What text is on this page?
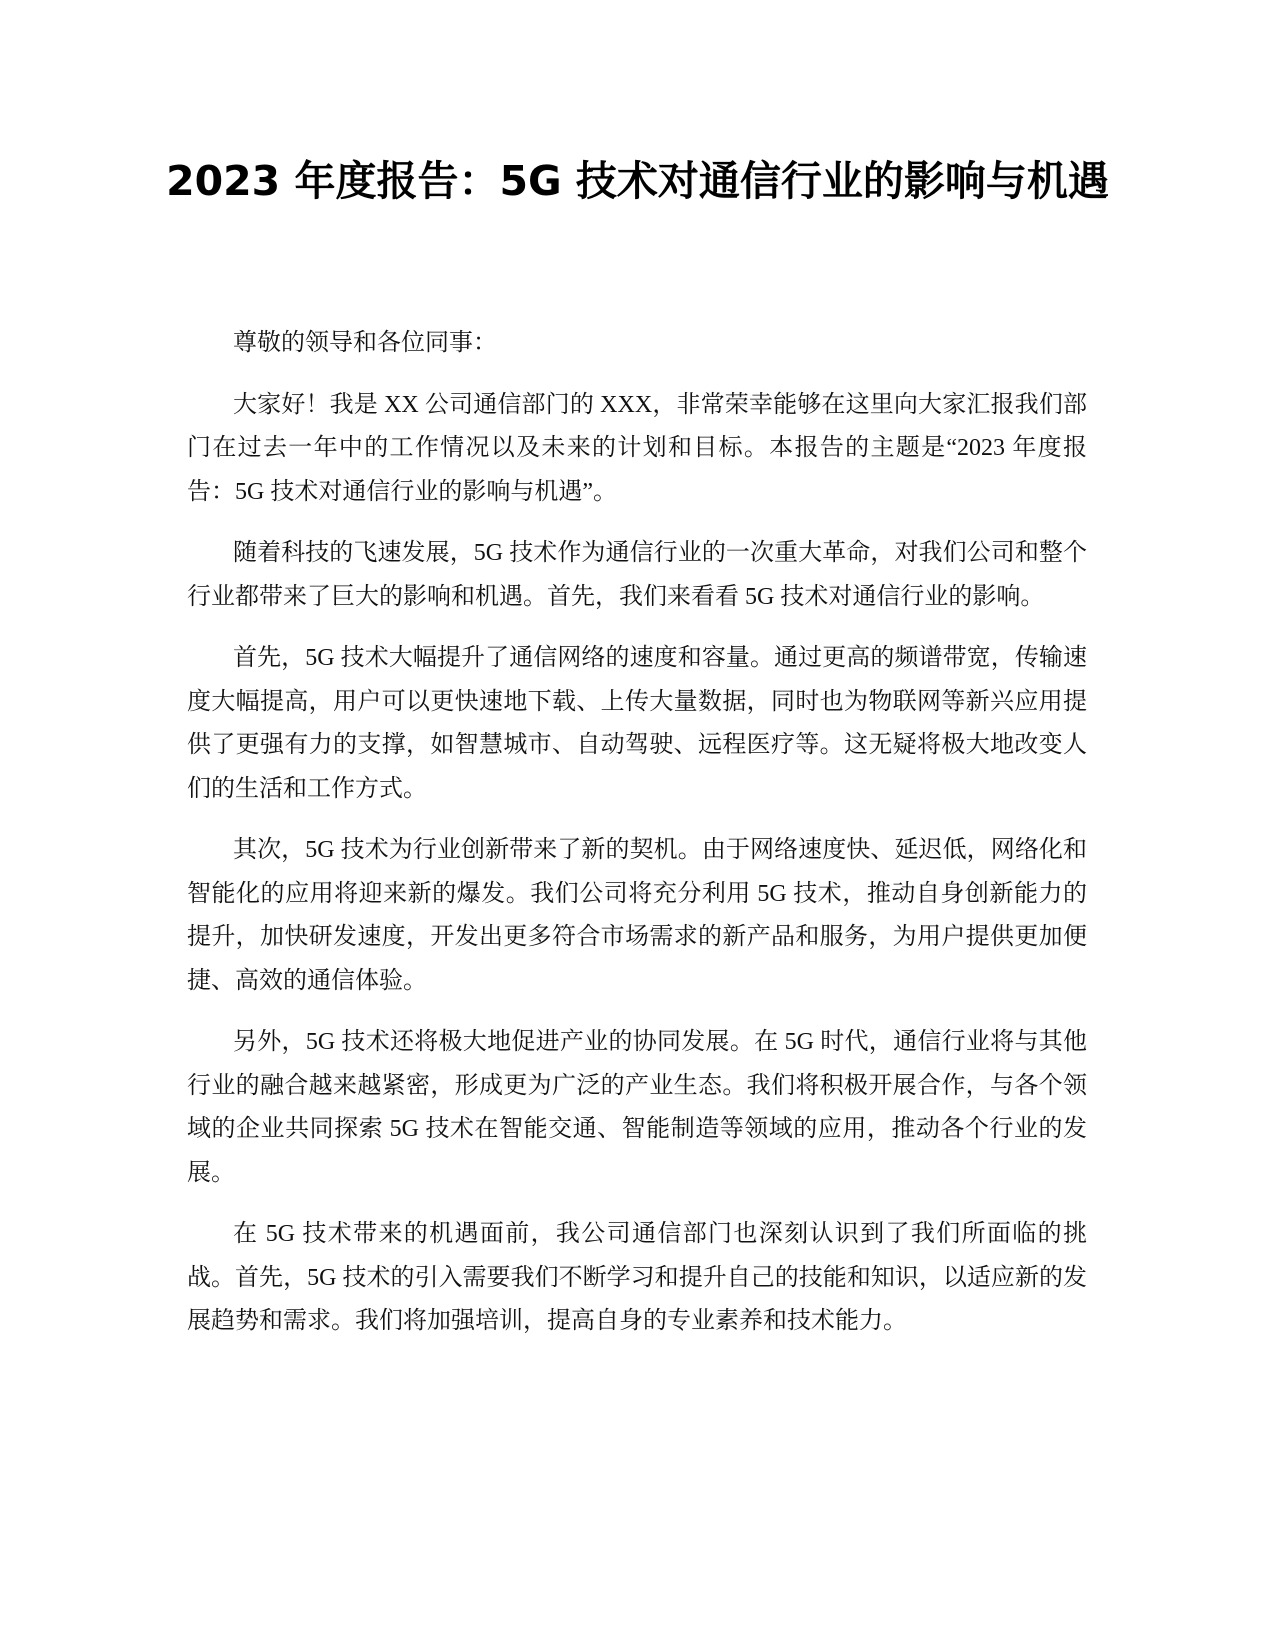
2023 年度报告：5G 技术对通信行业的影响与机遇

尊敬的领导和各位同事：

大家好！我是 XX 公司通信部门的 XXX，非常荣幸能够在这里向大家汇报我们部门在过去一年中的工作情况以及未来的计划和目标。本报告的主题是“2023 年度报告：5G 技术对通信行业的影响与机遇”。

随着科技的飞速发展，5G 技术作为通信行业的一次重大革命，对我们公司和整个行业都带来了巨大的影响和机遇。首先，我们来看看 5G 技术对通信行业的影响。

首先，5G 技术大幅提升了通信网络的速度和容量。通过更高的频谱带宽，传输速度大幅提高，用户可以更快速地下载、上传大量数据，同时也为物联网等新兴应用提供了更强有力的支撑，如智慧城市、自动驾驶、远程医疗等。这无疑将极大地改变人们的生活和工作方式。

其次，5G 技术为行业创新带来了新的契机。由于网络速度快、延迟低，网络化和智能化的应用将迎来新的爆发。我们公司将充分利用 5G 技术，推动自身创新能力的提升，加快研发速度，开发出更多符合市场需求的新产品和服务，为用户提供更加便捷、高效的通信体验。

另外，5G 技术还将极大地促进产业的协同发展。在 5G 时代，通信行业将与其他行业的融合越来越紧密，形成更为广泛的产业生态。我们将积极开展合作，与各个领域的企业共同探索 5G 技术在智能交通、智能制造等领域的应用，推动各个行业的发展。

在 5G 技术带来的机遇面前，我公司通信部门也深刻认识到了我们所面临的挑战。首先，5G 技术的引入需要我们不断学习和提升自己的技能和知识，以适应新的发展趋势和需求。我们将加强培训，提高自身的专业素养和技术能力。
